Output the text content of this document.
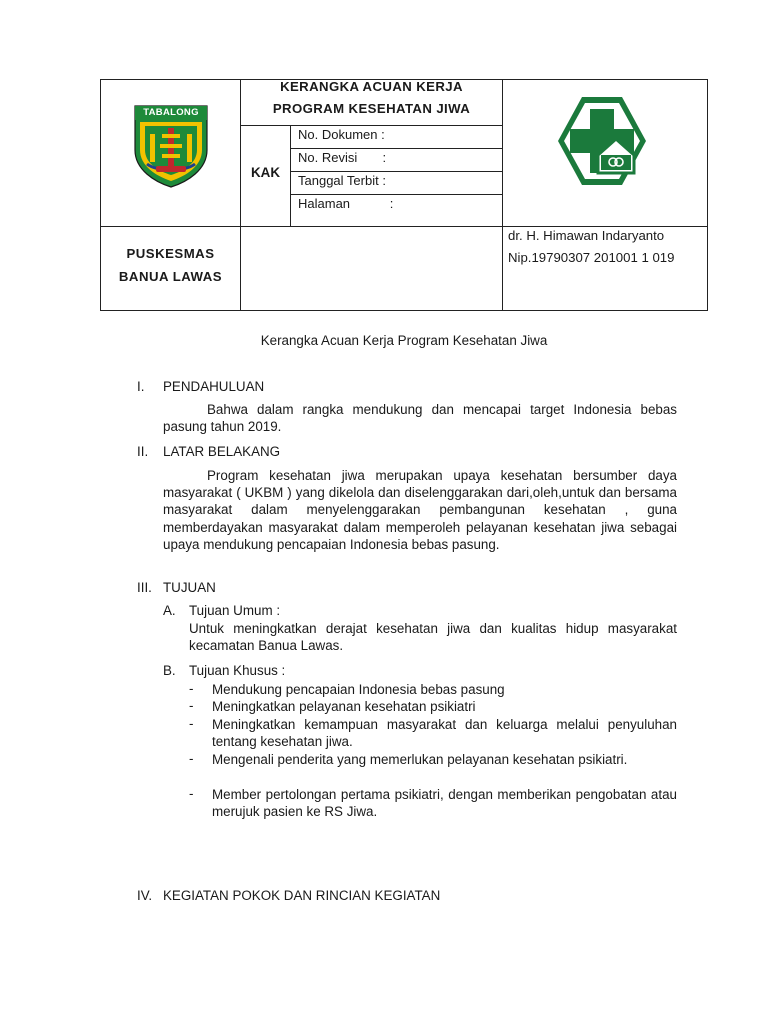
TABALONG
KERANGKA ACUAN KERJA
PROGRAM KESEHATAN JIWA
KAK
No. Dokumen :
No. Revisi       :
Tanggal Terbit :
Halaman           :
PUSKESMAS
BANUA LAWAS
dr. H. Himawan Indaryanto
Nip.19790307 201001 1 019
Kerangka Acuan Kerja Program Kesehatan Jiwa
I. PENDAHULUAN
Bahwa dalam rangka mendukung dan mencapai target Indonesia bebas pasung tahun 2019.
II. LATAR BELAKANG
Program kesehatan jiwa merupakan upaya kesehatan bersumber daya masyarakat ( UKBM ) yang dikelola dan diselenggarakan dari,oleh,untuk dan bersama masyarakat dalam menyelenggarakan pembangunan kesehatan , guna memberdayakan masyarakat dalam memperoleh pelayanan kesehatan jiwa sebagai upaya mendukung pencapaian Indonesia bebas pasung.
III. TUJUAN
A. Tujuan Umum :
Untuk meningkatkan derajat kesehatan jiwa dan kualitas hidup masyarakat kecamatan Banua Lawas.
B. Tujuan Khusus :
- Mendukung pencapaian Indonesia bebas pasung
- Meningkatkan pelayanan kesehatan psikiatri
- Meningkatkan kemampuan masyarakat dan keluarga melalui penyuluhan tentang kesehatan jiwa.
- Mengenali penderita yang memerlukan pelayanan kesehatan psikiatri.
- Member pertolongan pertama psikiatri, dengan memberikan pengobatan atau merujuk pasien ke RS Jiwa.
IV. KEGIATAN POKOK DAN RINCIAN KEGIATAN
